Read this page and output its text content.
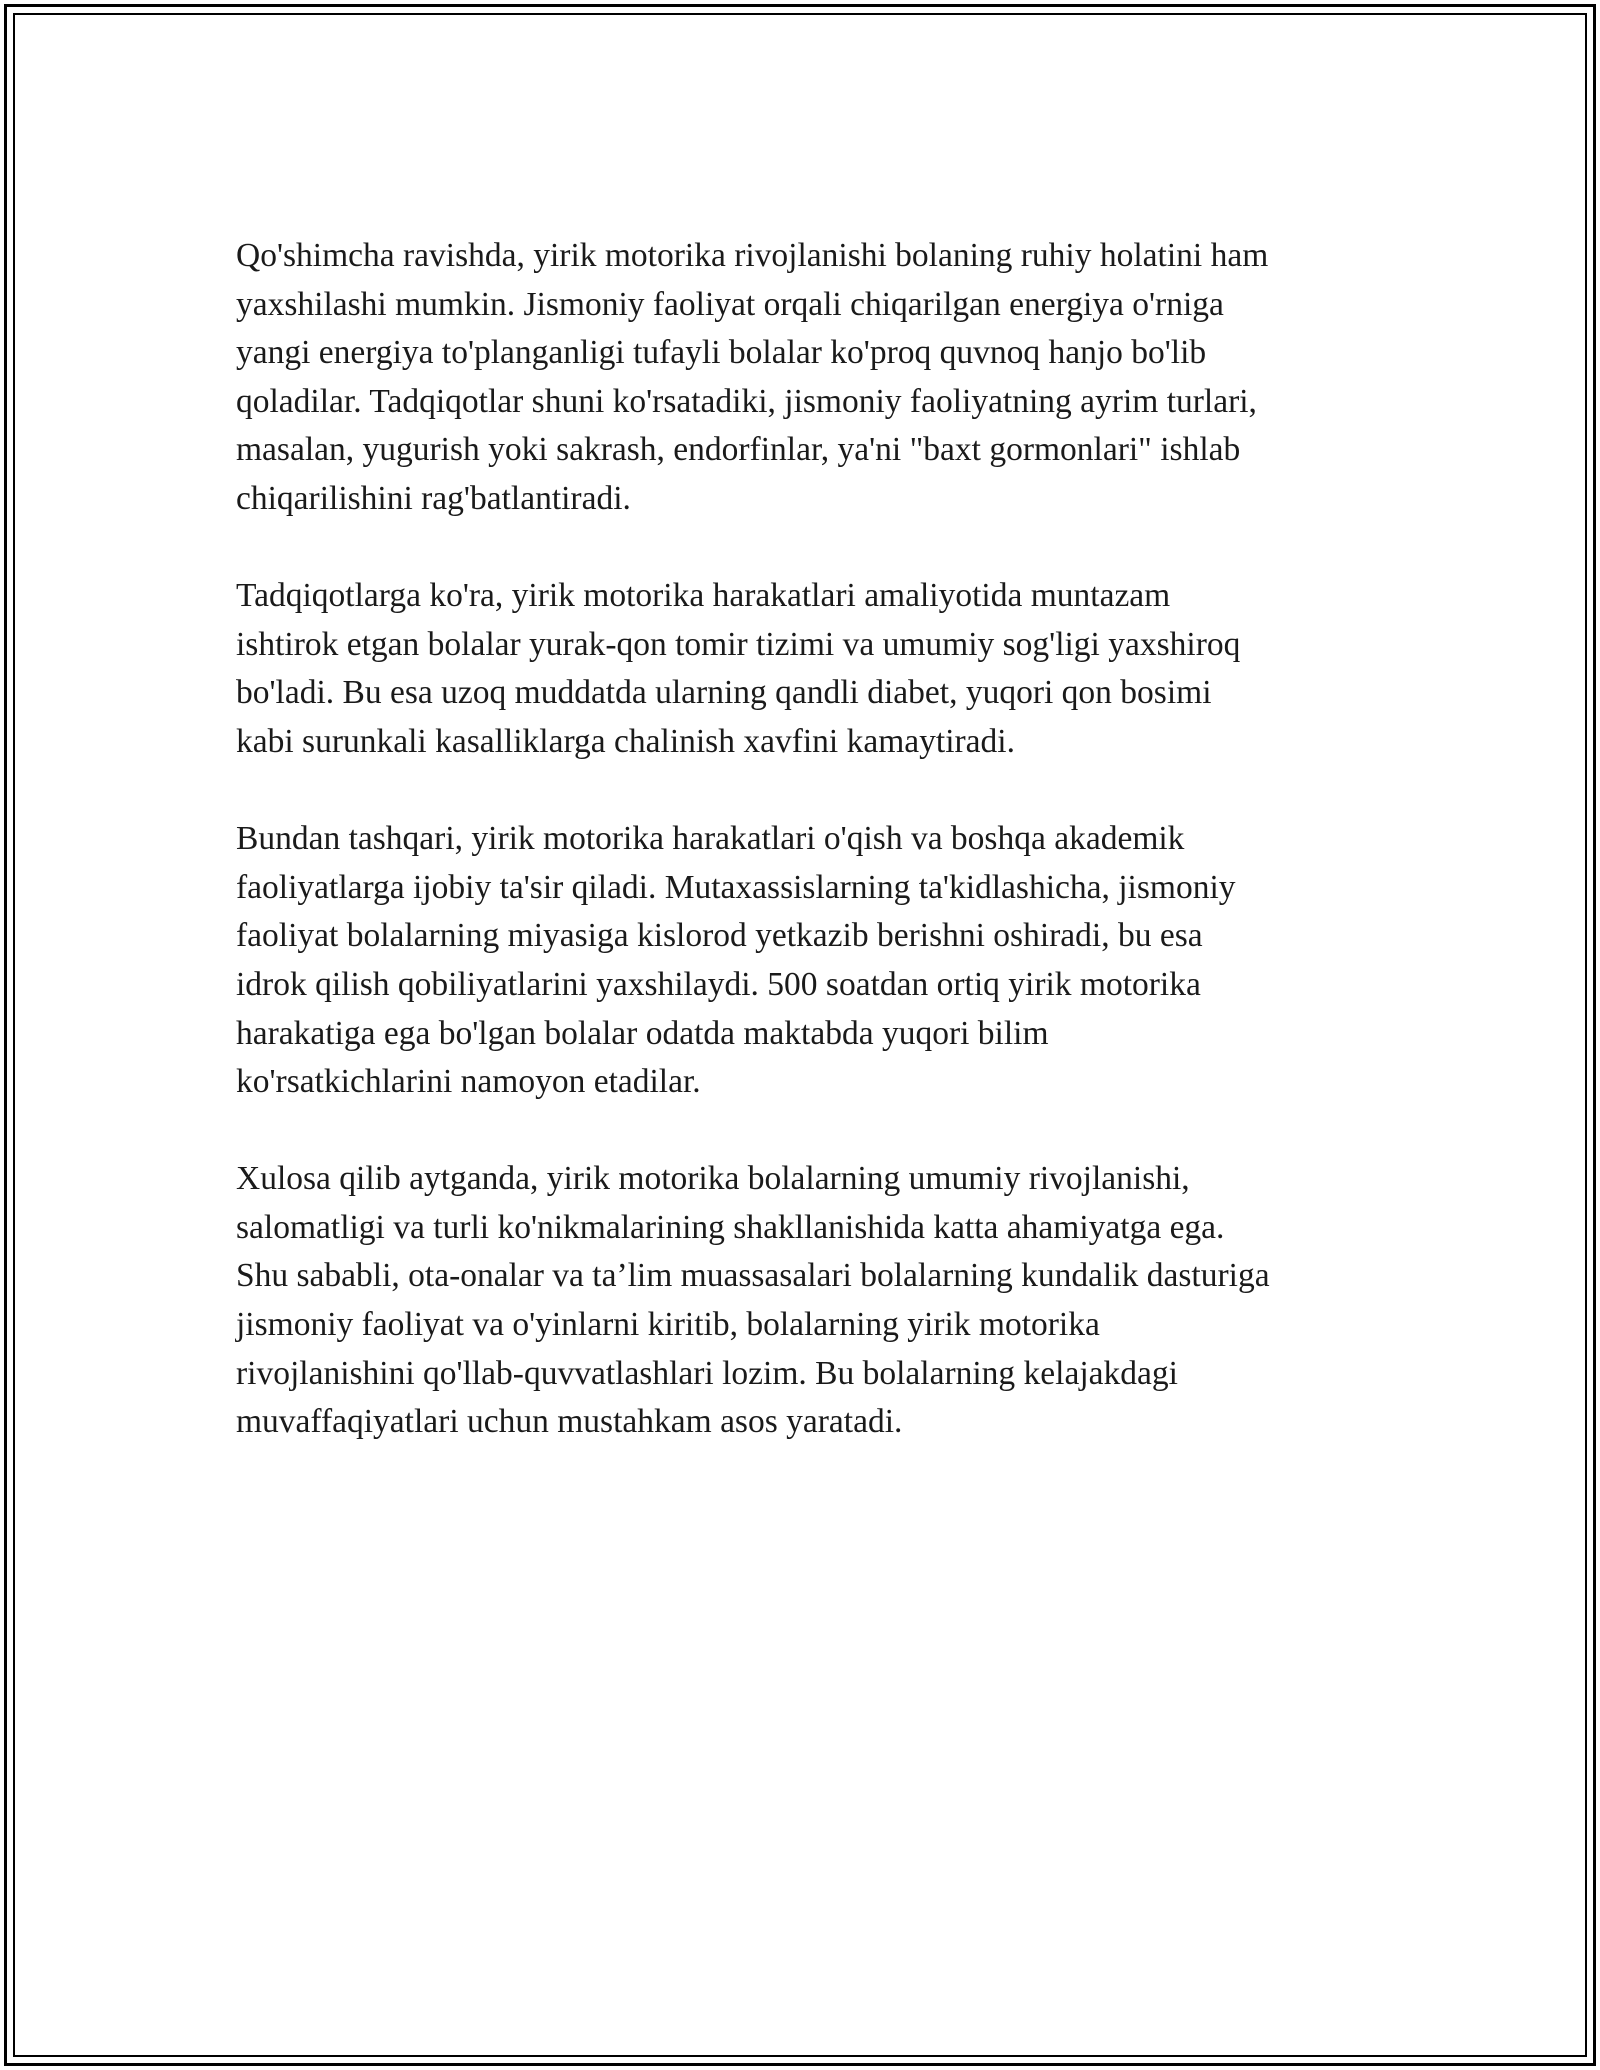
Qo'shimcha ravishda, yirik motorika rivojlanishi bolaning ruhiy holatini ham
yaxshilashi mumkin. Jismoniy faoliyat orqali chiqarilgan energiya o'rniga
yangi energiya to'planganligi tufayli bolalar ko'proq quvnoq hanjo bo'lib
qoladilar. Tadqiqotlar shuni ko'rsatadiki, jismoniy faoliyatning ayrim turlari,
masalan, yugurish yoki sakrash, endorfinlar, ya'ni "baxt gormonlari" ishlab
chiqarilishini rag'batlantiradi.

Tadqiqotlarga ko'ra, yirik motorika harakatlari amaliyotida muntazam
ishtirok etgan bolalar yurak-qon tomir tizimi va umumiy sog'ligi yaxshiroq
bo'ladi. Bu esa uzoq muddatda ularning qandli diabet, yuqori qon bosimi
kabi surunkali kasalliklarga chalinish xavfini kamaytiradi.

Bundan tashqari, yirik motorika harakatlari o'qish va boshqa akademik
faoliyatlarga ijobiy ta'sir qiladi. Mutaxassislarning ta'kidlashicha, jismoniy
faoliyat bolalarning miyasiga kislorod yetkazib berishni oshiradi, bu esa
idrok qilish qobiliyatlarini yaxshilaydi. 500 soatdan ortiq yirik motorika
harakatiga ega bo'lgan bolalar odatda maktabda yuqori bilim
ko'rsatkichlarini namoyon etadilar.

Xulosa qilib aytganda, yirik motorika bolalarning umumiy rivojlanishi,
salomatligi va turli ko'nikmalarining shakllanishida katta ahamiyatga ega.
Shu sababli, ota-onalar va ta’lim muassasalari bolalarning kundalik dasturiga
jismoniy faoliyat va o'yinlarni kiritib, bolalarning yirik motorika
rivojlanishini qo'llab-quvvatlashlari lozim. Bu bolalarning kelajakdagi
muvaffaqiyatlari uchun mustahkam asos yaratadi.
